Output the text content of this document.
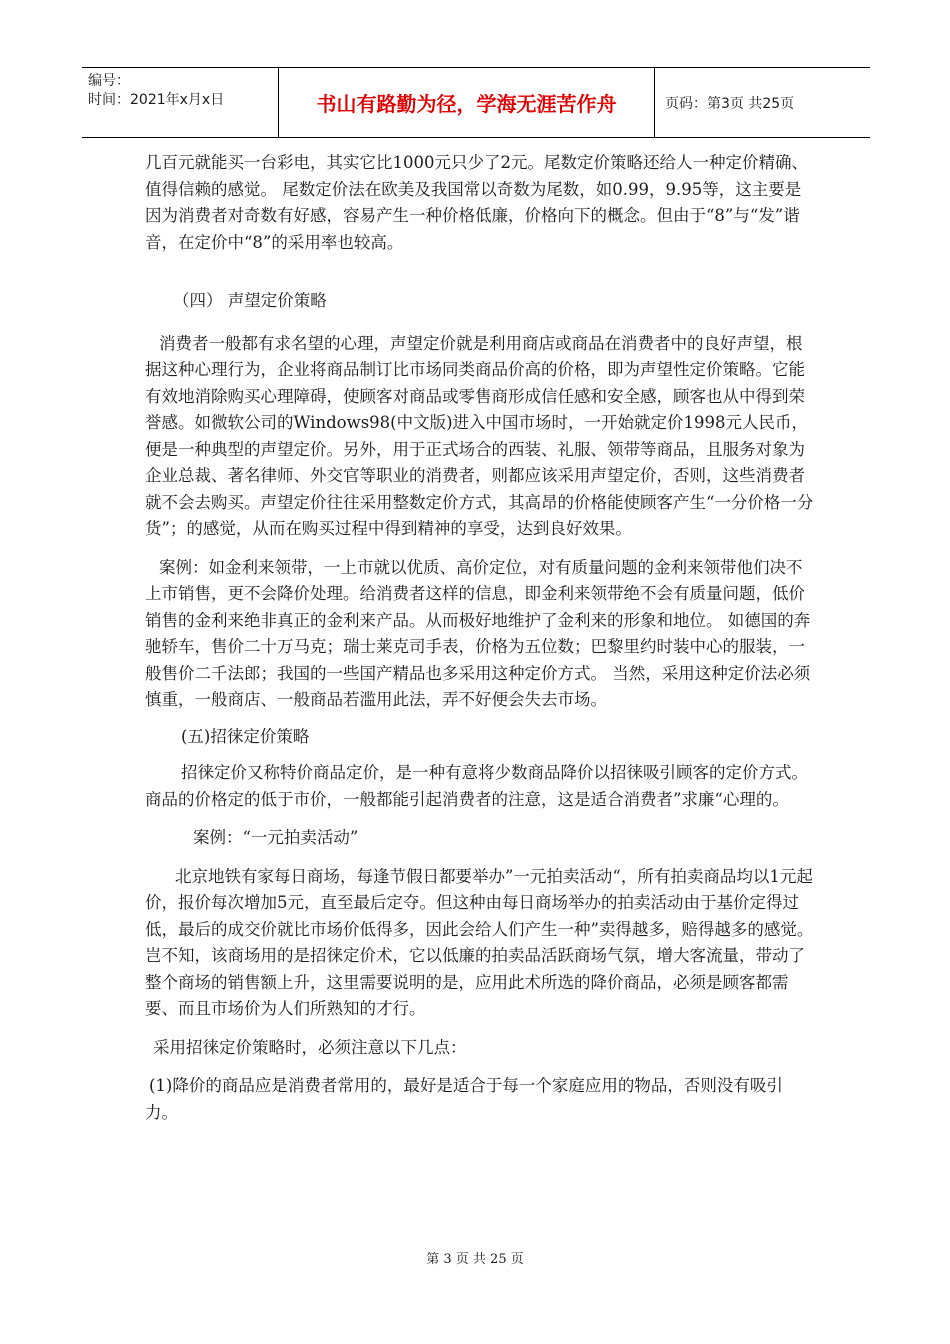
编号：
时间：2021年x月x日	书山有路勤为径，学海无涯苦作舟	页码：第3页 共25页

几百元就能买一台彩电，其实它比1000元只少了2元。尾数定价策略还给人一种定价精确、值得信赖的感觉。 尾数定价法在欧美及我国常以奇数为尾数，如0.99，9.95等，这主要是因为消费者对奇数有好感，容易产生一种价格低廉，价格向下的概念。但由于“8”与“发”谐音，在定价中“8”的采用率也较高。

（四） 声望定价策略

消费者一般都有求名望的心理，声望定价就是利用商店或商品在消费者中的良好声望，根据这种心理行为，企业将商品制订比市场同类商品价高的价格，即为声望性定价策略。它能有效地消除购买心理障碍，使顾客对商品或零售商形成信任感和安全感，顾客也从中得到荣誉感。如微软公司的Windows98(中文版)进入中国市场时，一开始就定价1998元人民币，便是一种典型的声望定价。另外，用于正式场合的西装、礼服、领带等商品，且服务对象为企业总裁、著名律师、外交官等职业的消费者，则都应该采用声望定价，否则，这些消费者就不会去购买。声望定价往往采用整数定价方式，其高昂的价格能使顾客产生“一分价格一分货”；的感觉，从而在购买过程中得到精神的享受，达到良好效果。

案例：如金利来领带，一上市就以优质、高价定位，对有质量问题的金利来领带他们决不上市销售，更不会降价处理。给消费者这样的信息，即金利来领带绝不会有质量问题，低价销售的金利来绝非真正的金利来产品。从而极好地维护了金利来的形象和地位。 如德国的奔驰轿车，售价二十万马克；瑞士莱克司手表，价格为五位数；巴黎里约时装中心的服装，一般售价二千法郎；我国的一些国产精品也多采用这种定价方式。 当然，采用这种定价法必须慎重，一般商店、一般商品若滥用此法，弄不好便会失去市场。

(五)招徕定价策略

招徕定价又称特价商品定价，是一种有意将少数商品降价以招徕吸引顾客的定价方式。商品的价格定的低于市价，一般都能引起消费者的注意，这是适合消费者”求廉“心理的。

案例：“一元拍卖活动”

北京地铁有家每日商场，每逢节假日都要举办”一元拍卖活动“，所有拍卖商品均以1元起价，报价每次增加5元，直至最后定夺。但这种由每日商场举办的拍卖活动由于基价定得过低，最后的成交价就比市场价低得多，因此会给人们产生一种”卖得越多，赔得越多的感觉。岂不知，该商场用的是招徕定价术，它以低廉的拍卖品活跃商场气氛，增大客流量，带动了整个商场的销售额上升，这里需要说明的是，应用此术所选的降价商品，必须是顾客都需要、而且市场价为人们所熟知的才行。

采用招徕定价策略时，必须注意以下几点：

(1)降价的商品应是消费者常用的，最好是适合于每一个家庭应用的物品，否则没有吸引力。

第 3 页 共 25 页
